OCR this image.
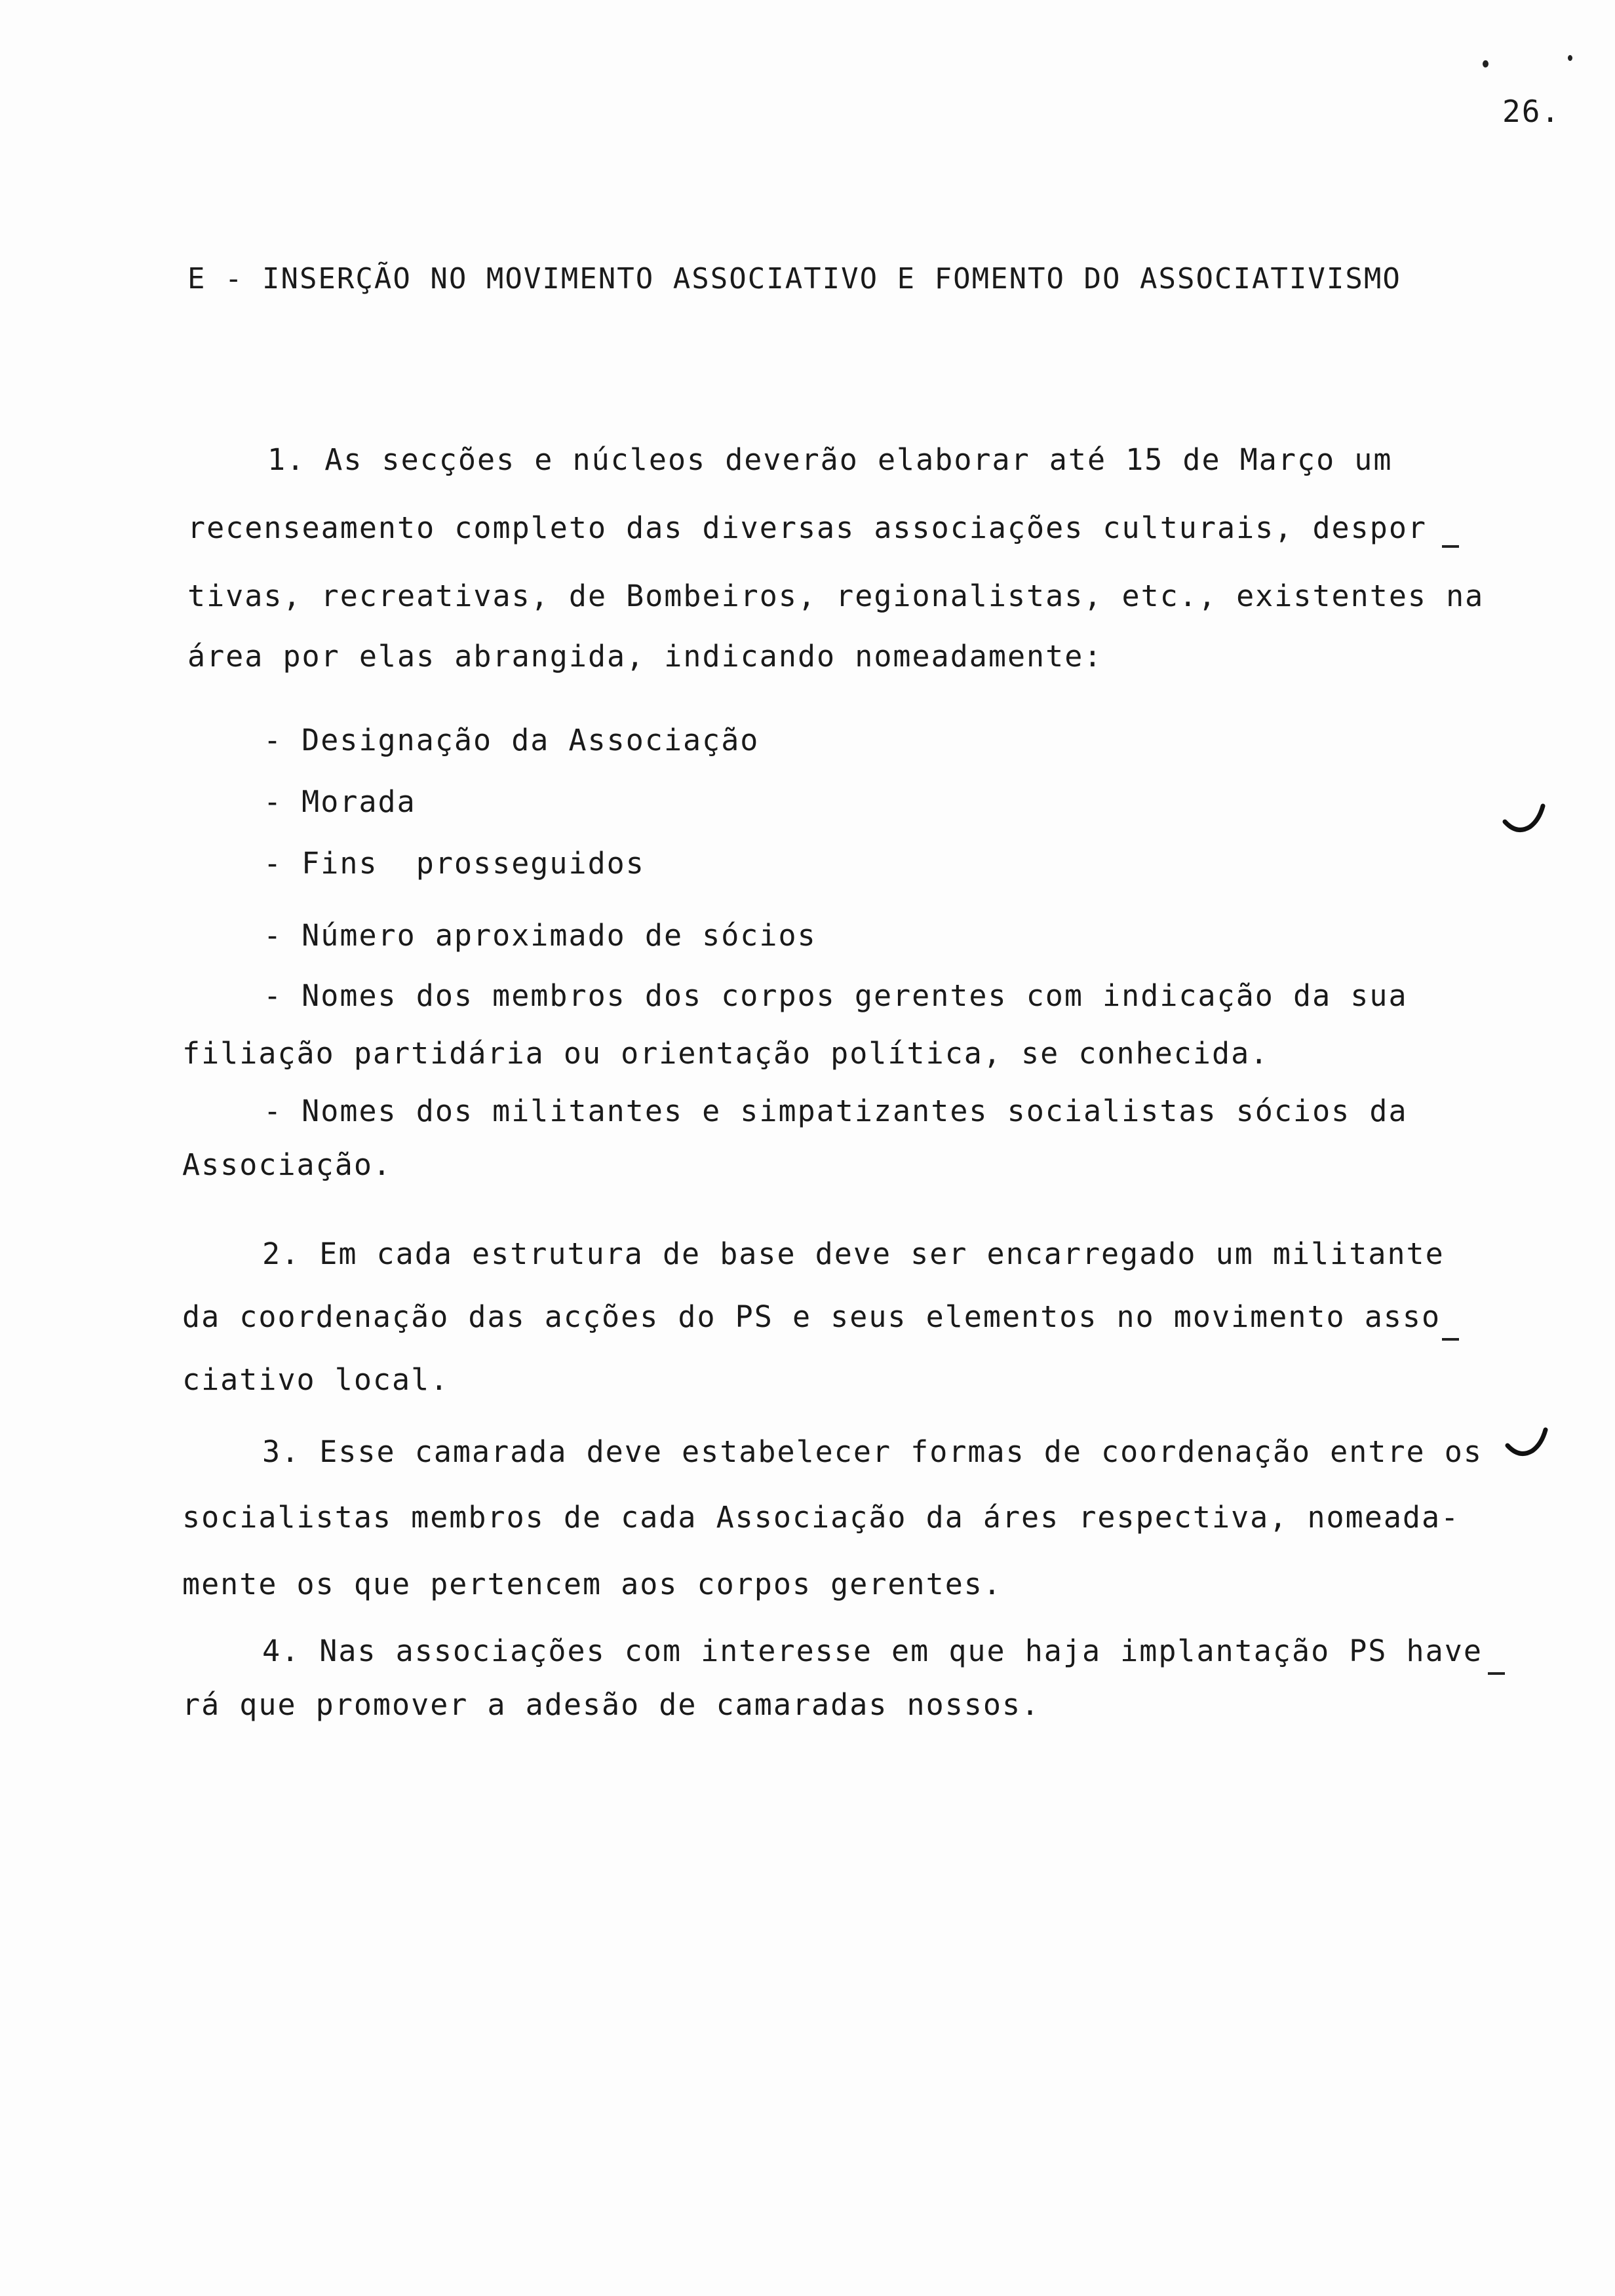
26.
E - INSERÇÃO NO MOVIMENTO ASSOCIATIVO E FOMENTO DO ASSOCIATIVISMO
1. As secções e núcleos deverão elaborar até 15 de Março um
recenseamento completo das diversas associações culturais, despor
tivas, recreativas, de Bombeiros, regionalistas, etc., existentes na
área por elas abrangida, indicando nomeadamente:
- Designação da Associação
- Morada
- Fins  prosseguidos
- Número aproximado de sócios
- Nomes dos membros dos corpos gerentes com indicação da sua
filiação partidária ou orientação política, se conhecida.
- Nomes dos militantes e simpatizantes socialistas sócios da
Associação.
2. Em cada estrutura de base deve ser encarregado um militante
da coordenação das acções do PS e seus elementos no movimento asso
ciativo local.
3. Esse camarada deve estabelecer formas de coordenação entre os
socialistas membros de cada Associação da áres respectiva, nomeada-
mente os que pertencem aos corpos gerentes.
4. Nas associações com interesse em que haja implantação PS have
rá que promover a adesão de camaradas nossos.
